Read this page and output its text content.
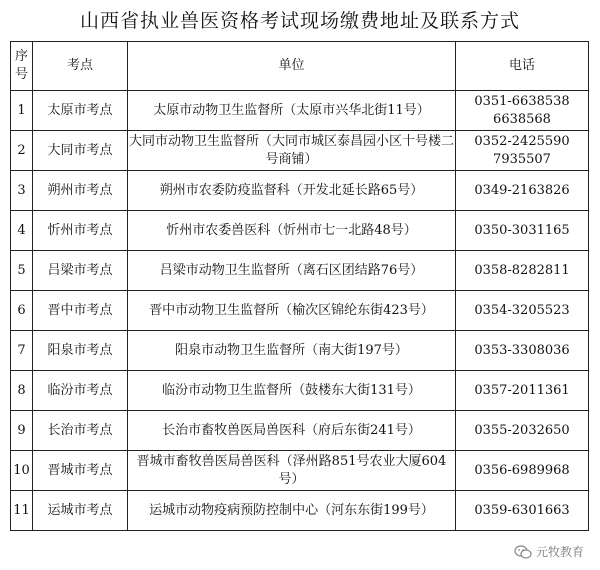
山西省执业兽医资格考试现场缴费地址及联系方式
序号	考点	单位	电话
1	太原市考点	太原市动物卫生监督所（太原市兴华北街11号）	0351-6638538 6638568
2	大同市考点	大同市动物卫生监督所（大同市城区泰昌园小区十号楼二号商铺）	0352-2425590 7935507
3	朔州市考点	朔州市农委防疫监督科（开发北延长路65号）	0349-2163826
4	忻州市考点	忻州市农委兽医科（忻州市七一北路48号）	0350-3031165
5	吕梁市考点	吕梁市动物卫生监督所（离石区团结路76号）	0358-8282811
6	晋中市考点	晋中市动物卫生监督所（榆次区锦纶东街423号）	0354-3205523
7	阳泉市考点	阳泉市动物卫生监督所（南大街197号）	0353-3308036
8	临汾市考点	临汾市动物卫生监督所（鼓楼东大街131号）	0357-2011361
9	长治市考点	长治市畜牧兽医局兽医科（府后东街241号）	0355-2032650
10	晋城市考点	晋城市畜牧兽医局兽医科（泽州路851号农业大厦604号）	0356-6989968
11	运城市考点	运城市动物疫病预防控制中心（河东东街199号）	0359-6301663
元牧教育
